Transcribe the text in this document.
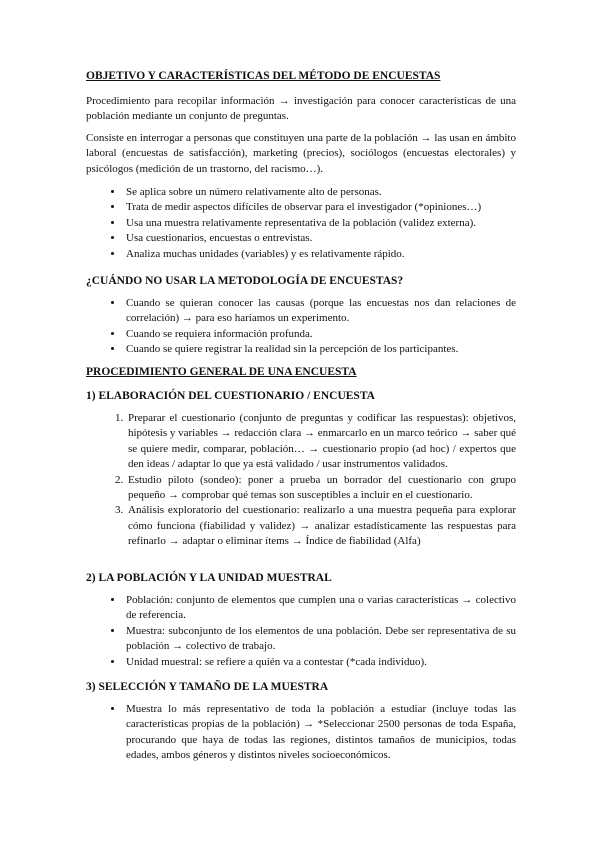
OBJETIVO Y CARACTERÍSTICAS DEL MÉTODO DE ENCUESTAS

Procedimiento para recopilar información → investigación para conocer características de una población mediante un conjunto de preguntas.

Consiste en interrogar a personas que constituyen una parte de la población → las usan en ámbito laboral (encuestas de satisfacción), marketing (precios), sociólogos (encuestas electorales) y psicólogos (medición de un trastorno, del racismo…).

• Se aplica sobre un número relativamente alto de personas.
• Trata de medir aspectos difíciles de observar para el investigador (*opiniones…)
• Usa una muestra relativamente representativa de la población (validez externa).
• Usa cuestionarios, encuestas o entrevistas.
• Analiza muchas unidades (variables) y es relativamente rápido.
¿CUÁNDO NO USAR LA METODOLOGÍA DE ENCUESTAS?
• Cuando se quieran conocer las causas (porque las encuestas nos dan relaciones de correlación) → para eso haríamos un experimento.
• Cuando se requiera información profunda.
• Cuando se quiere registrar la realidad sin la percepción de los participantes.
PROCEDIMIENTO GENERAL DE UNA ENCUESTA
1) ELABORACIÓN DEL CUESTIONARIO / ENCUESTA
1. Preparar el cuestionario (conjunto de preguntas y codificar las respuestas): objetivos, hipótesis y variables → redacción clara → enmarcarlo en un marco teórico → saber qué se quiere medir, comparar, población… → cuestionario propio (ad hoc) / expertos que den ideas / adaptar lo que ya está validado / usar instrumentos validados.
2. Estudio piloto (sondeo): poner a prueba un borrador del cuestionario con grupo pequeño → comprobar qué temas son susceptibles a incluir en el cuestionario.
3. Análisis exploratorio del cuestionario: realizarlo a una muestra pequeña para explorar cómo funciona (fiabilidad y validez) → analizar estadísticamente las respuestas para refinarlo → adaptar o eliminar ítems → Índice de fiabilidad (Alfa)
2) LA POBLACIÓN Y LA UNIDAD MUESTRAL
• Población: conjunto de elementos que cumplen una o varias características → colectivo de referencia.
• Muestra: subconjunto de los elementos de una población. Debe ser representativa de su población → colectivo de trabajo.
• Unidad muestral: se refiere a quién va a contestar (*cada individuo).
3) SELECCIÓN Y TAMAÑO DE LA MUESTRA
• Muestra lo más representativo de toda la población a estudiar (incluye todas las características propias de la población) → *Seleccionar 2500 personas de toda España, procurando que haya de todas las regiones, distintos tamaños de municipios, todas edades, ambos géneros y distintos niveles socioeconómicos.
